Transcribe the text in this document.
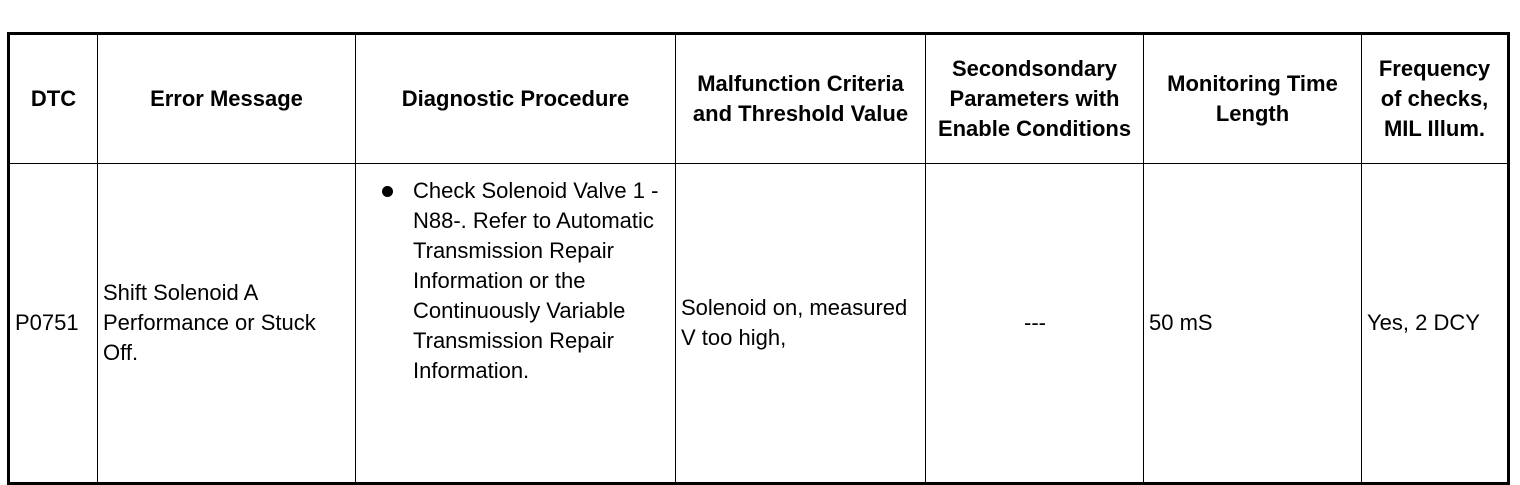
DTC	Error Message	Diagnostic Procedure	Malfunction Criteria and Threshold Value	Secondsondary Parameters with Enable Conditions	Monitoring Time Length	Frequency of checks, MIL Illum.
P0751	Shift Solenoid A Performance or Stuck Off.	Check Solenoid Valve 1 -N88-. Refer to Automatic Transmission Repair Information or the Continuously Variable Transmission Repair Information.	Solenoid on, measured V too high,	---	50 mS	Yes, 2 DCY
